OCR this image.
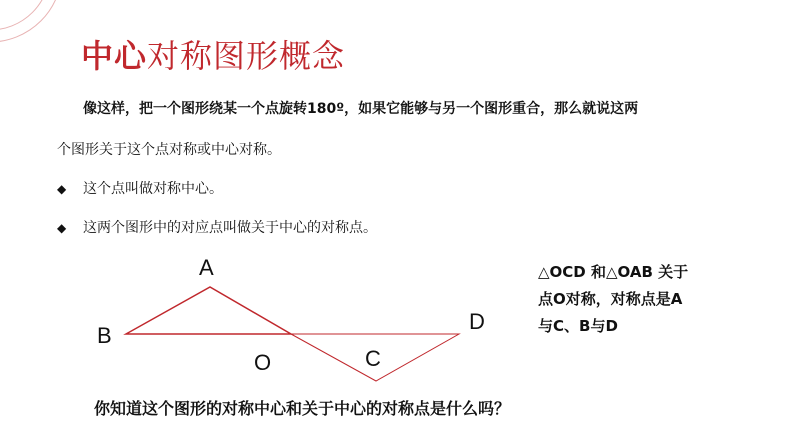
中心对称图形概念
像这样，把一个图形绕某一个点旋转180º，如果它能够与另一个图形重合，那么就说这两
个图形关于这个点对称或中心对称。
◆ 这个点叫做对称中心。
◆ 这两个图形中的对应点叫做关于中心的对称点。
A
B
O	C
D
△OCD 和△OAB 关于
点O对称，对称点是A
与C、B与D
你知道这个图形的对称中心和关于中心的对称点是什么吗？
